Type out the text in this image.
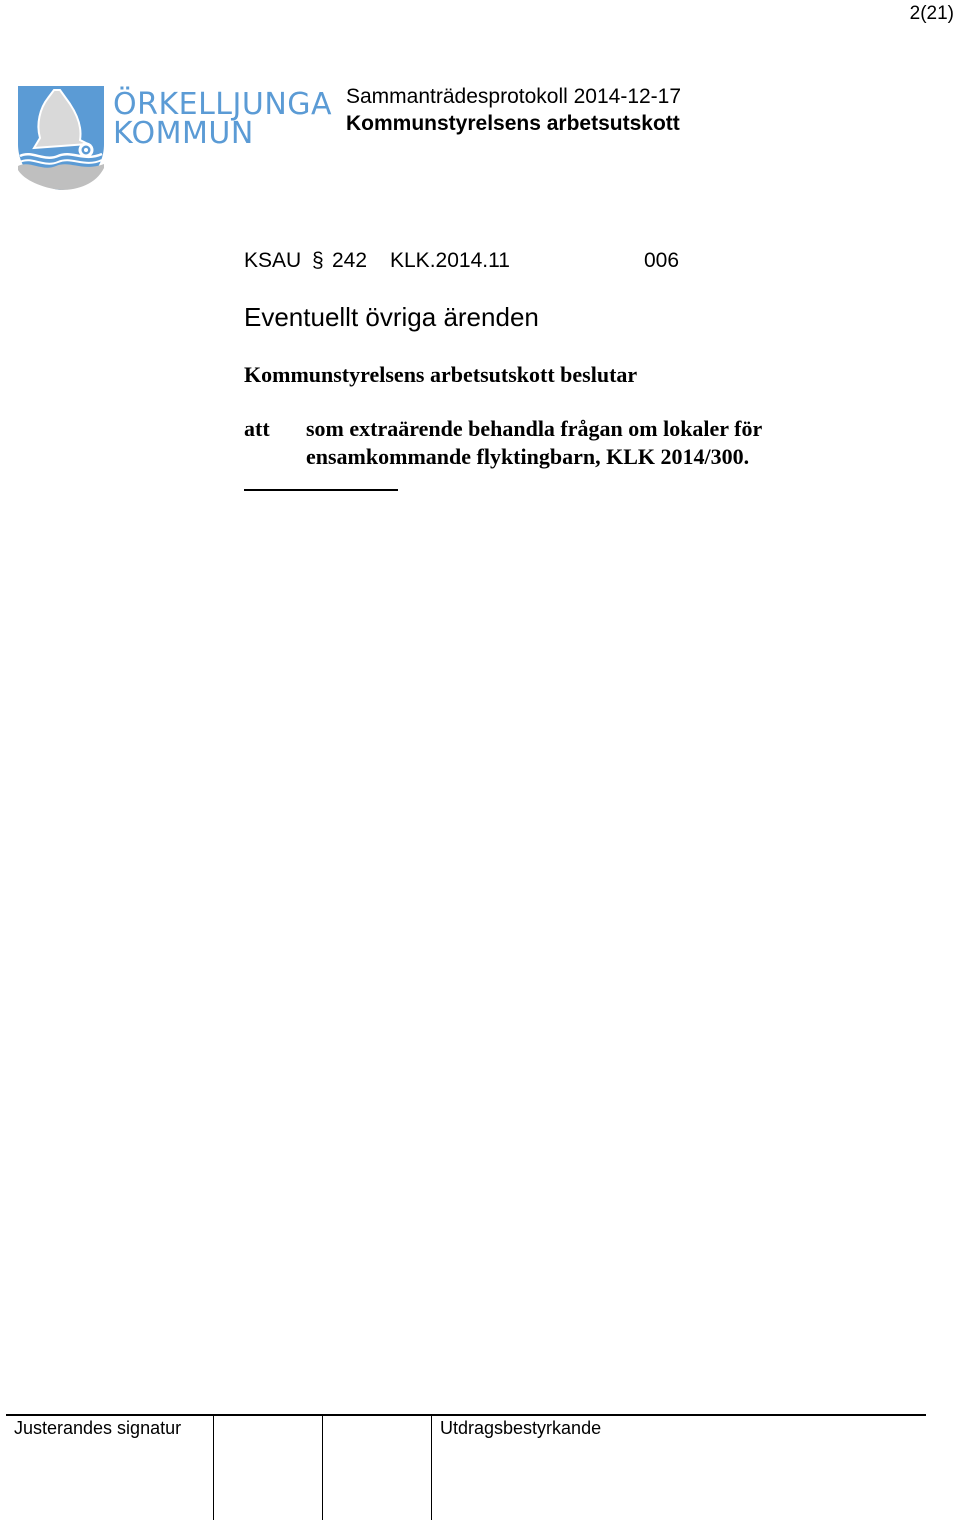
2(21)
ÖRKELLJUNGA
KOMMUN
Sammanträdesprotokoll 2014-12-17
Kommunstyrelsens arbetsutskott
KSAU § 242 KLK.2014.11	006
Eventuellt övriga ärenden
Kommunstyrelsens arbetsutskott beslutar
att som extraärende behandla frågan om lokaler för
ensamkommande flyktingbarn, KLK 2014/300.
Justerandes signatur	Utdragsbestyrkande
